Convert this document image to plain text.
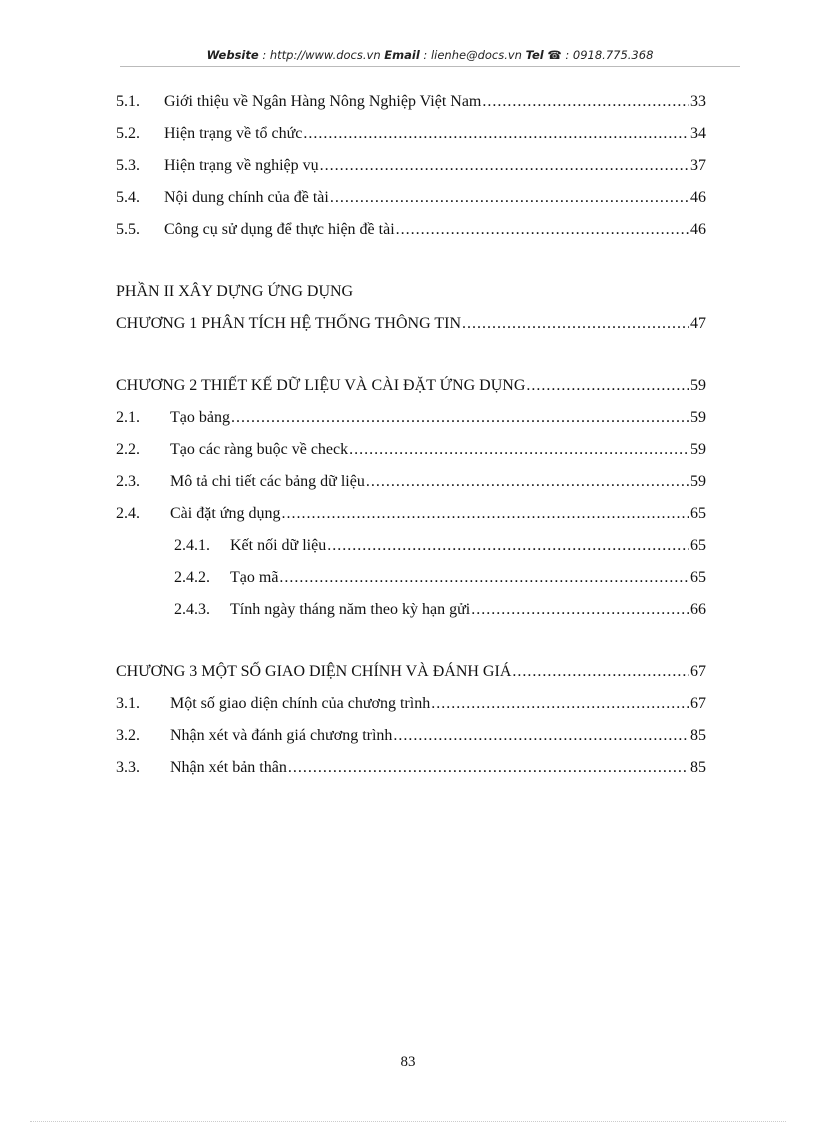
Website : http://www.docs.vn Email : lienhe@docs.vn Tel ☎ : 0918.775.368
5.1.	Giới thiệu về Ngân Hàng Nông Nghiệp Việt Nam .....	33
5.2.	Hiện trạng về tổ chức .....	34
5.3.	Hiện trạng về nghiệp vụ .....	37
5.4.	Nội dung chính của đề tài .....	46
5.5.	Công cụ sử dụng để thực hiện đề tài .....	46
PHẦN II XÂY DỰNG ỨNG DỤNG
CHƯƠNG 1 PHÂN TÍCH HỆ THỐNG THÔNG TIN .....	47
CHƯƠNG 2 THIẾT KẾ DỮ LIỆU VÀ CÀI ĐẶT ỨNG DỤNG .....	59
2.1.	Tạo bảng .....	59
2.2.	Tạo các ràng buộc về check .....	59
2.3.	Mô tả chi tiết các bảng dữ liệu .....	59
2.4.	Cài đặt ứng dụng .....	65
2.4.1.	Kết nối dữ liệu .....	65
2.4.2.	Tạo mã .....	65
2.4.3.	Tính ngày tháng năm theo kỳ hạn gửi .....	66
CHƯƠNG 3 MỘT SỐ GIAO DIỆN CHÍNH VÀ ĐÁNH GIÁ .....	67
3.1.	Một số giao diện chính của chương trình .....	67
3.2.	Nhận xét và đánh giá chương trình .....	85
3.3.	Nhận xét bản thân .....	85
83
